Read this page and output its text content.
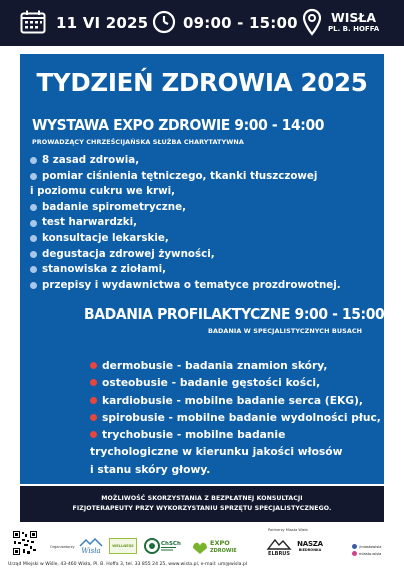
11 VI 2025 09:00 - 15:00	WISŁA
PL. B. HOFFA
TYDZIEŃ ZDROWIA 2025
WYSTAWA EXPO ZDROWIE 9:00 - 14:00
PROWADZĄCY CHRZEŚCIJAŃSKA SŁUŻBA CHARYTATYWNA
8 zasad zdrowia,
pomiar ciśnienia tętniczego, tkanki tłuszczowej
i poziomu cukru we krwi,
badanie spirometryczne,
test harwardzki,
konsultacje lekarskie,
degustacja zdrowej żywności,
stanowiska z ziołami,
przepisy i wydawnictwa o tematyce prozdrowotnej.
BADANIA PROFILAKTYCZNE 9:00 - 15:00
BADANIA W SPECJALISTYCZNYCH BUSACH
dermobusie - badania znamion skóry,
osteobusie - badanie gęstości kości,
kardiobusie - mobilne badanie serca (EKG),
spirobusie - mobilne badanie wydolności płuc,
trychobusie - mobilne badanie
trychologiczne w kierunku jakości włosów
i stanu skóry głowy.
MOŻLIWOŚĆ SKORZYSTANIA Z BEZPŁATNEJ KONSULTACJI
FIZJOTERAPEUTY PRZY WYKORZYSTANIU SPRZĘTU SPECJALISTYCZNEGO.
Organizatorzy Wisła
WELLNESS	ChSCh	EXPO
ZDROWIE
Partnerzy Miasta Wisła
ELBRUS
NASZA
BIEDRONKA
/miastowisla
miasto.wisla
Urząd Miejski w Wiśle, 43-460 Wisła, Pl. B. Hoffa 3, tel. 33 855 24 25, www.wisla.pl, e-mail: um@wisla.pl
